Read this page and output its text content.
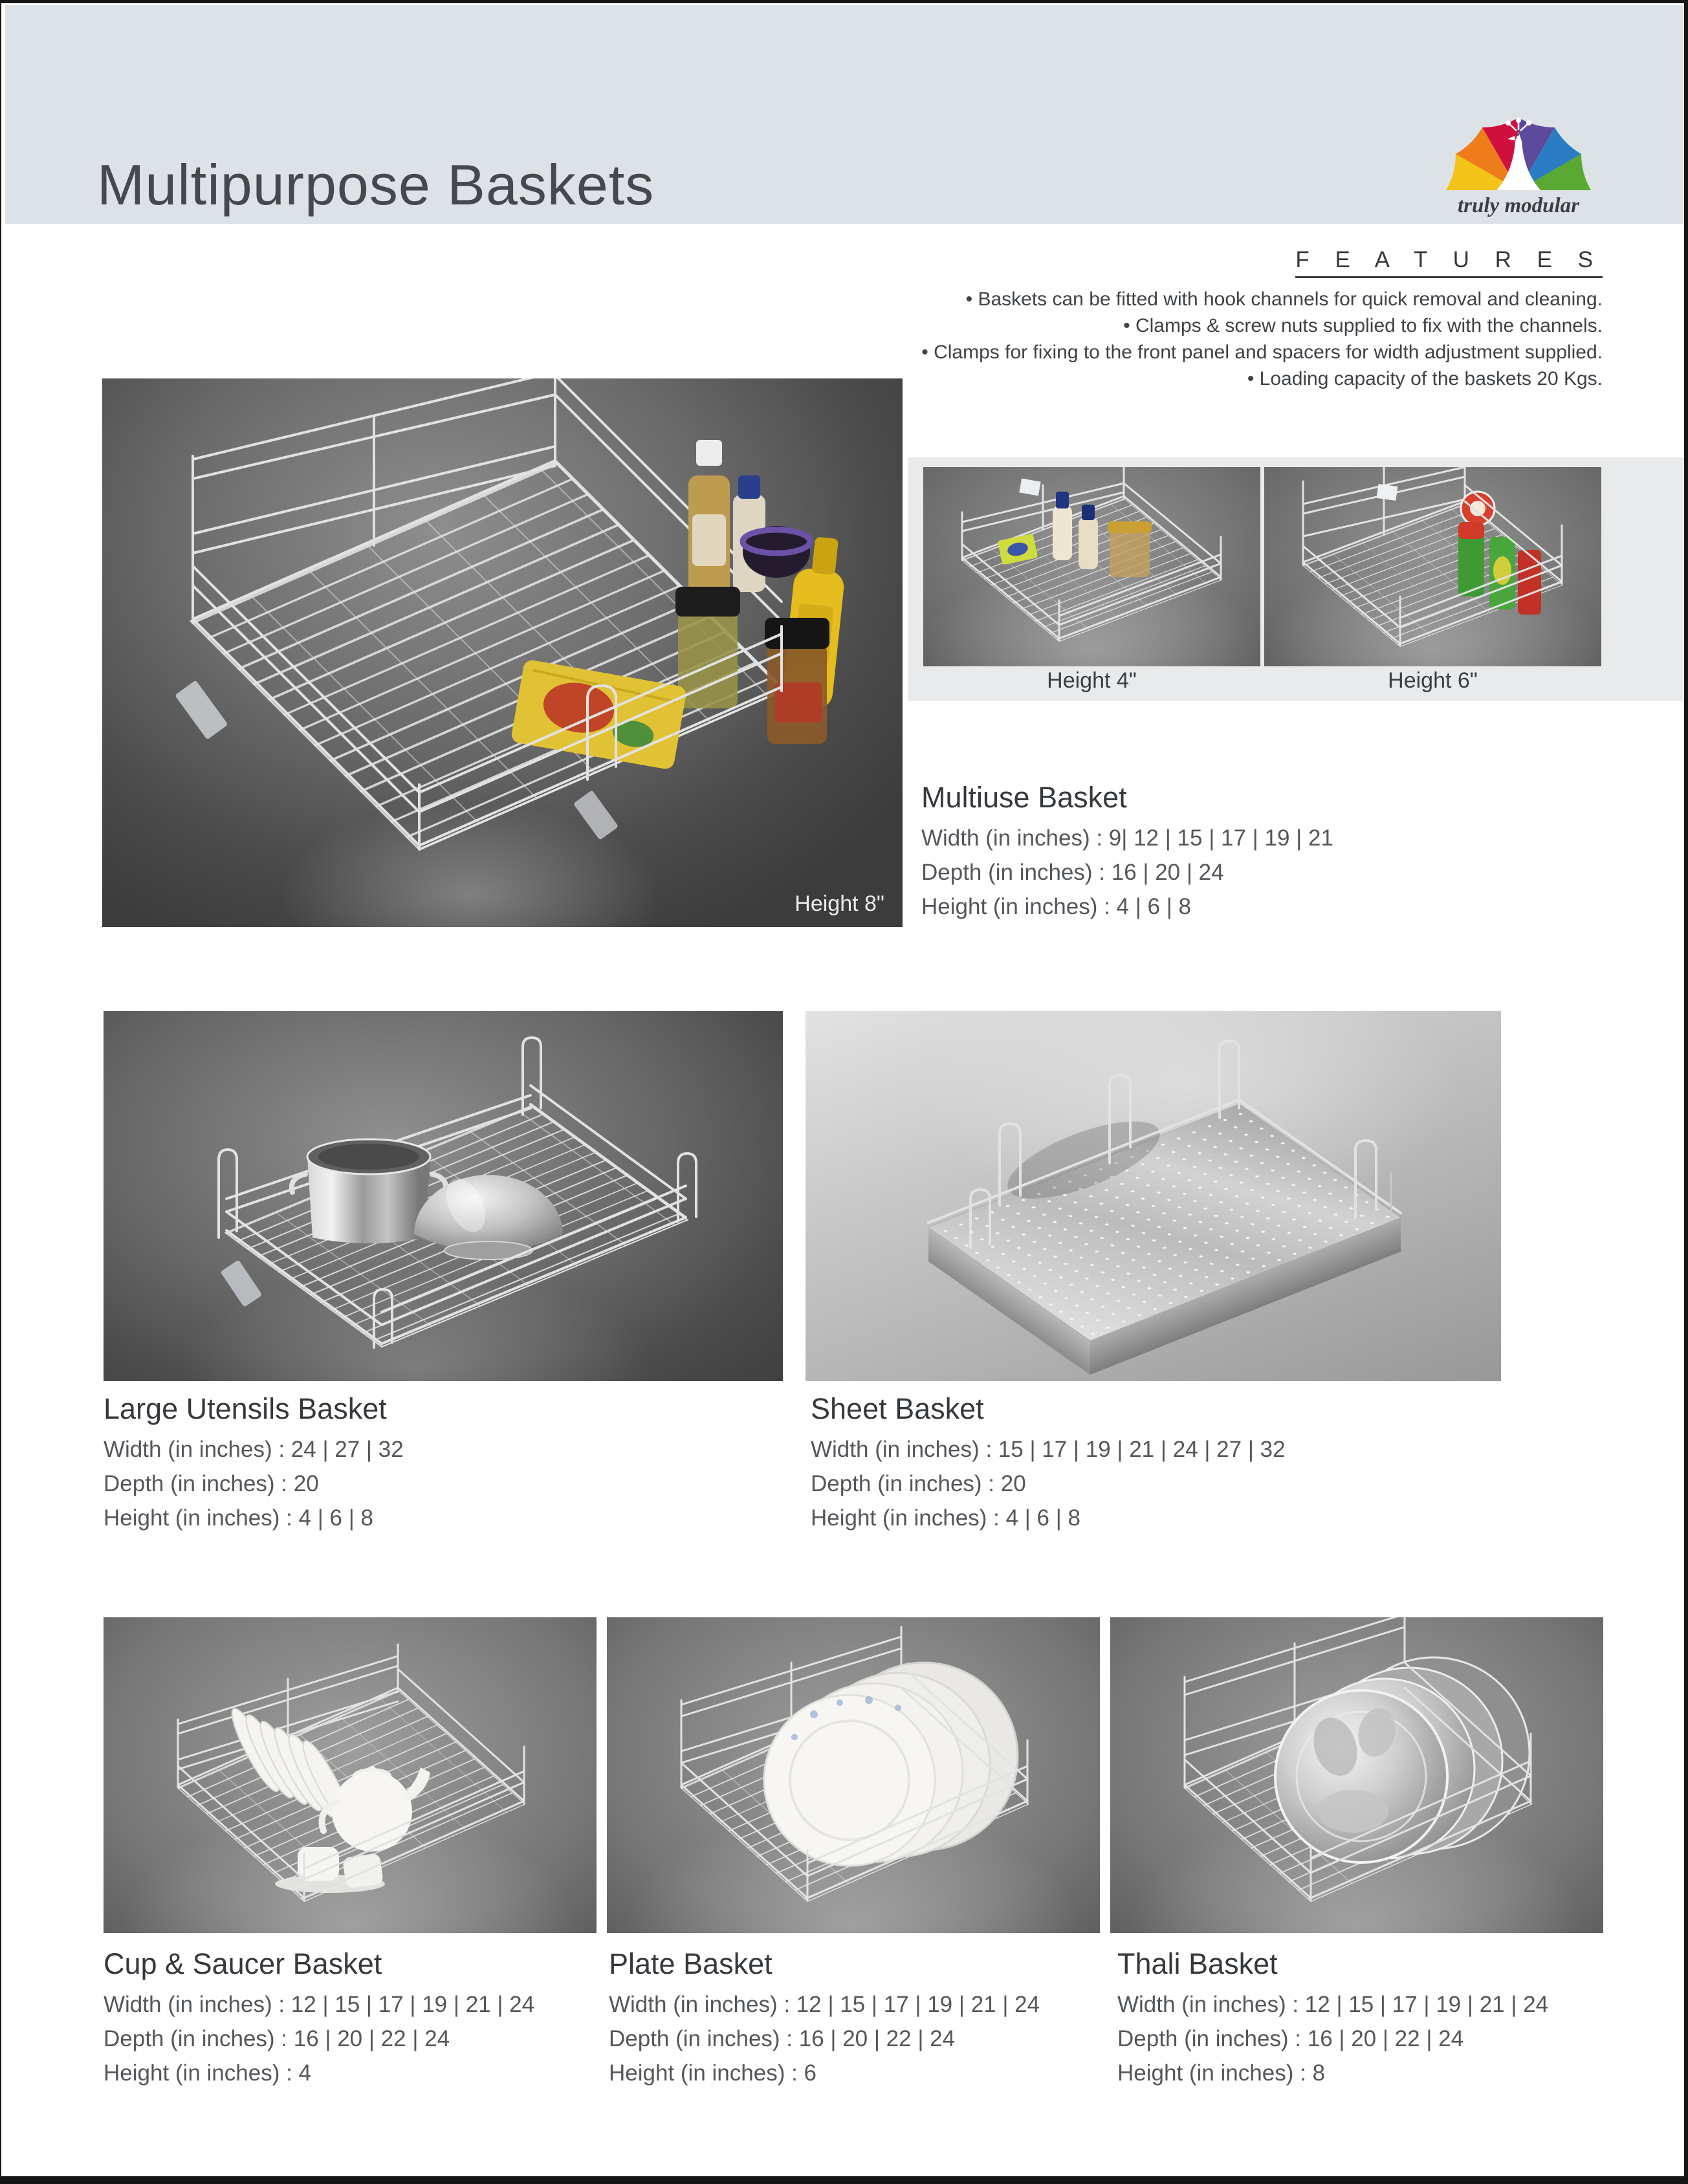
Multipurpose Baskets	truly modular
F E A T U R E S
• Baskets can be fitted with hook channels for quick removal and cleaning.
• Clamps & screw nuts supplied to fix with the channels.
• Clamps for fixing to the front panel and spacers for width adjustment supplied.
• Loading capacity of the baskets 20 Kgs.
Height 8"
Height 4"	Height 6"
Multiuse Basket
Width (in inches) : 9| 12 | 15 | 17 | 19 | 21
Depth (in inches) : 16 | 20 | 24
Height (in inches) : 4 | 6 | 8
Large Utensils Basket
Width (in inches) : 24 | 27 | 32
Depth (in inches) : 20
Height (in inches) : 4 | 6 | 8
Sheet Basket
Width (in inches) : 15 | 17 | 19 | 21 | 24 | 27 | 32
Depth (in inches) : 20
Height (in inches) : 4 | 6 | 8
Cup & Saucer Basket
Width (in inches) : 12 | 15 | 17 | 19 | 21 | 24
Depth (in inches) : 16 | 20 | 22 | 24
Height (in inches) : 4
Plate Basket
Width (in inches) : 12 | 15 | 17 | 19 | 21 | 24
Depth (in inches) : 16 | 20 | 22 | 24
Height (in inches) : 6
Thali Basket
Width (in inches) : 12 | 15 | 17 | 19 | 21 | 24
Depth (in inches) : 16 | 20 | 22 | 24
Height (in inches) : 8
